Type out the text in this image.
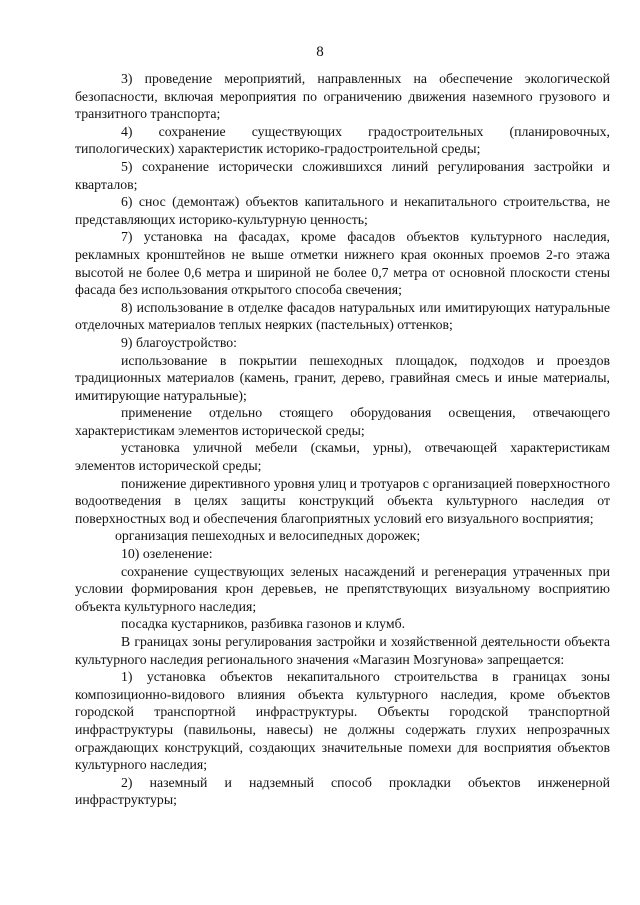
8

3) проведение мероприятий, направленных на обеспечение экологической безопасности, включая мероприятия по ограничению движения наземного грузового и транзитного транспорта;

4) сохранение существующих градостроительных (планировочных, типологических) характеристик историко-градостроительной среды;

5) сохранение исторически сложившихся линий регулирования застройки и кварталов;

6) снос (демонтаж) объектов капитального и некапитального строительства, не представляющих историко-культурную ценность;

7) установка на фасадах, кроме фасадов объектов культурного наследия, рекламных кронштейнов не выше отметки нижнего края оконных проемов 2-го этажа высотой не более 0,6 метра и шириной не более 0,7 метра от основной плоскости стены фасада без использования открытого способа свечения;

8) использование в отделке фасадов натуральных или имитирующих натуральные отделочных материалов теплых неярких (пастельных) оттенков;

9) благоустройство:

использование в покрытии пешеходных площадок, подходов и проездов традиционных материалов (камень, гранит, дерево, гравийная смесь и иные материалы, имитирующие натуральные);

применение отдельно стоящего оборудования освещения, отвечающего характеристикам элементов исторической среды;

установка уличной мебели (скамьи, урны), отвечающей характеристикам элементов исторической среды;

понижение директивного уровня улиц и тротуаров с организацией поверхностного водоотведения в целях защиты конструкций объекта культурного наследия от поверхностных вод и обеспечения благоприятных условий его визуального восприятия;

организация пешеходных и велосипедных дорожек;

10) озеленение:

сохранение существующих зеленых насаждений и регенерация утраченных при условии формирования крон деревьев, не препятствующих визуальному восприятию объекта культурного наследия;

посадка кустарников, разбивка газонов и клумб.

В границах зоны регулирования застройки и хозяйственной деятельности объекта культурного наследия регионального значения «Магазин Мозгунова» запрещается:

1) установка объектов некапитального строительства в границах зоны композиционно-видового влияния объекта культурного наследия, кроме объектов городской транспортной инфраструктуры. Объекты городской транспортной инфраструктуры (павильоны, навесы) не должны содержать глухих непрозрачных ограждающих конструкций, создающих значительные помехи для восприятия объектов культурного наследия;

2) наземный и надземный способ прокладки объектов инженерной инфраструктуры;
